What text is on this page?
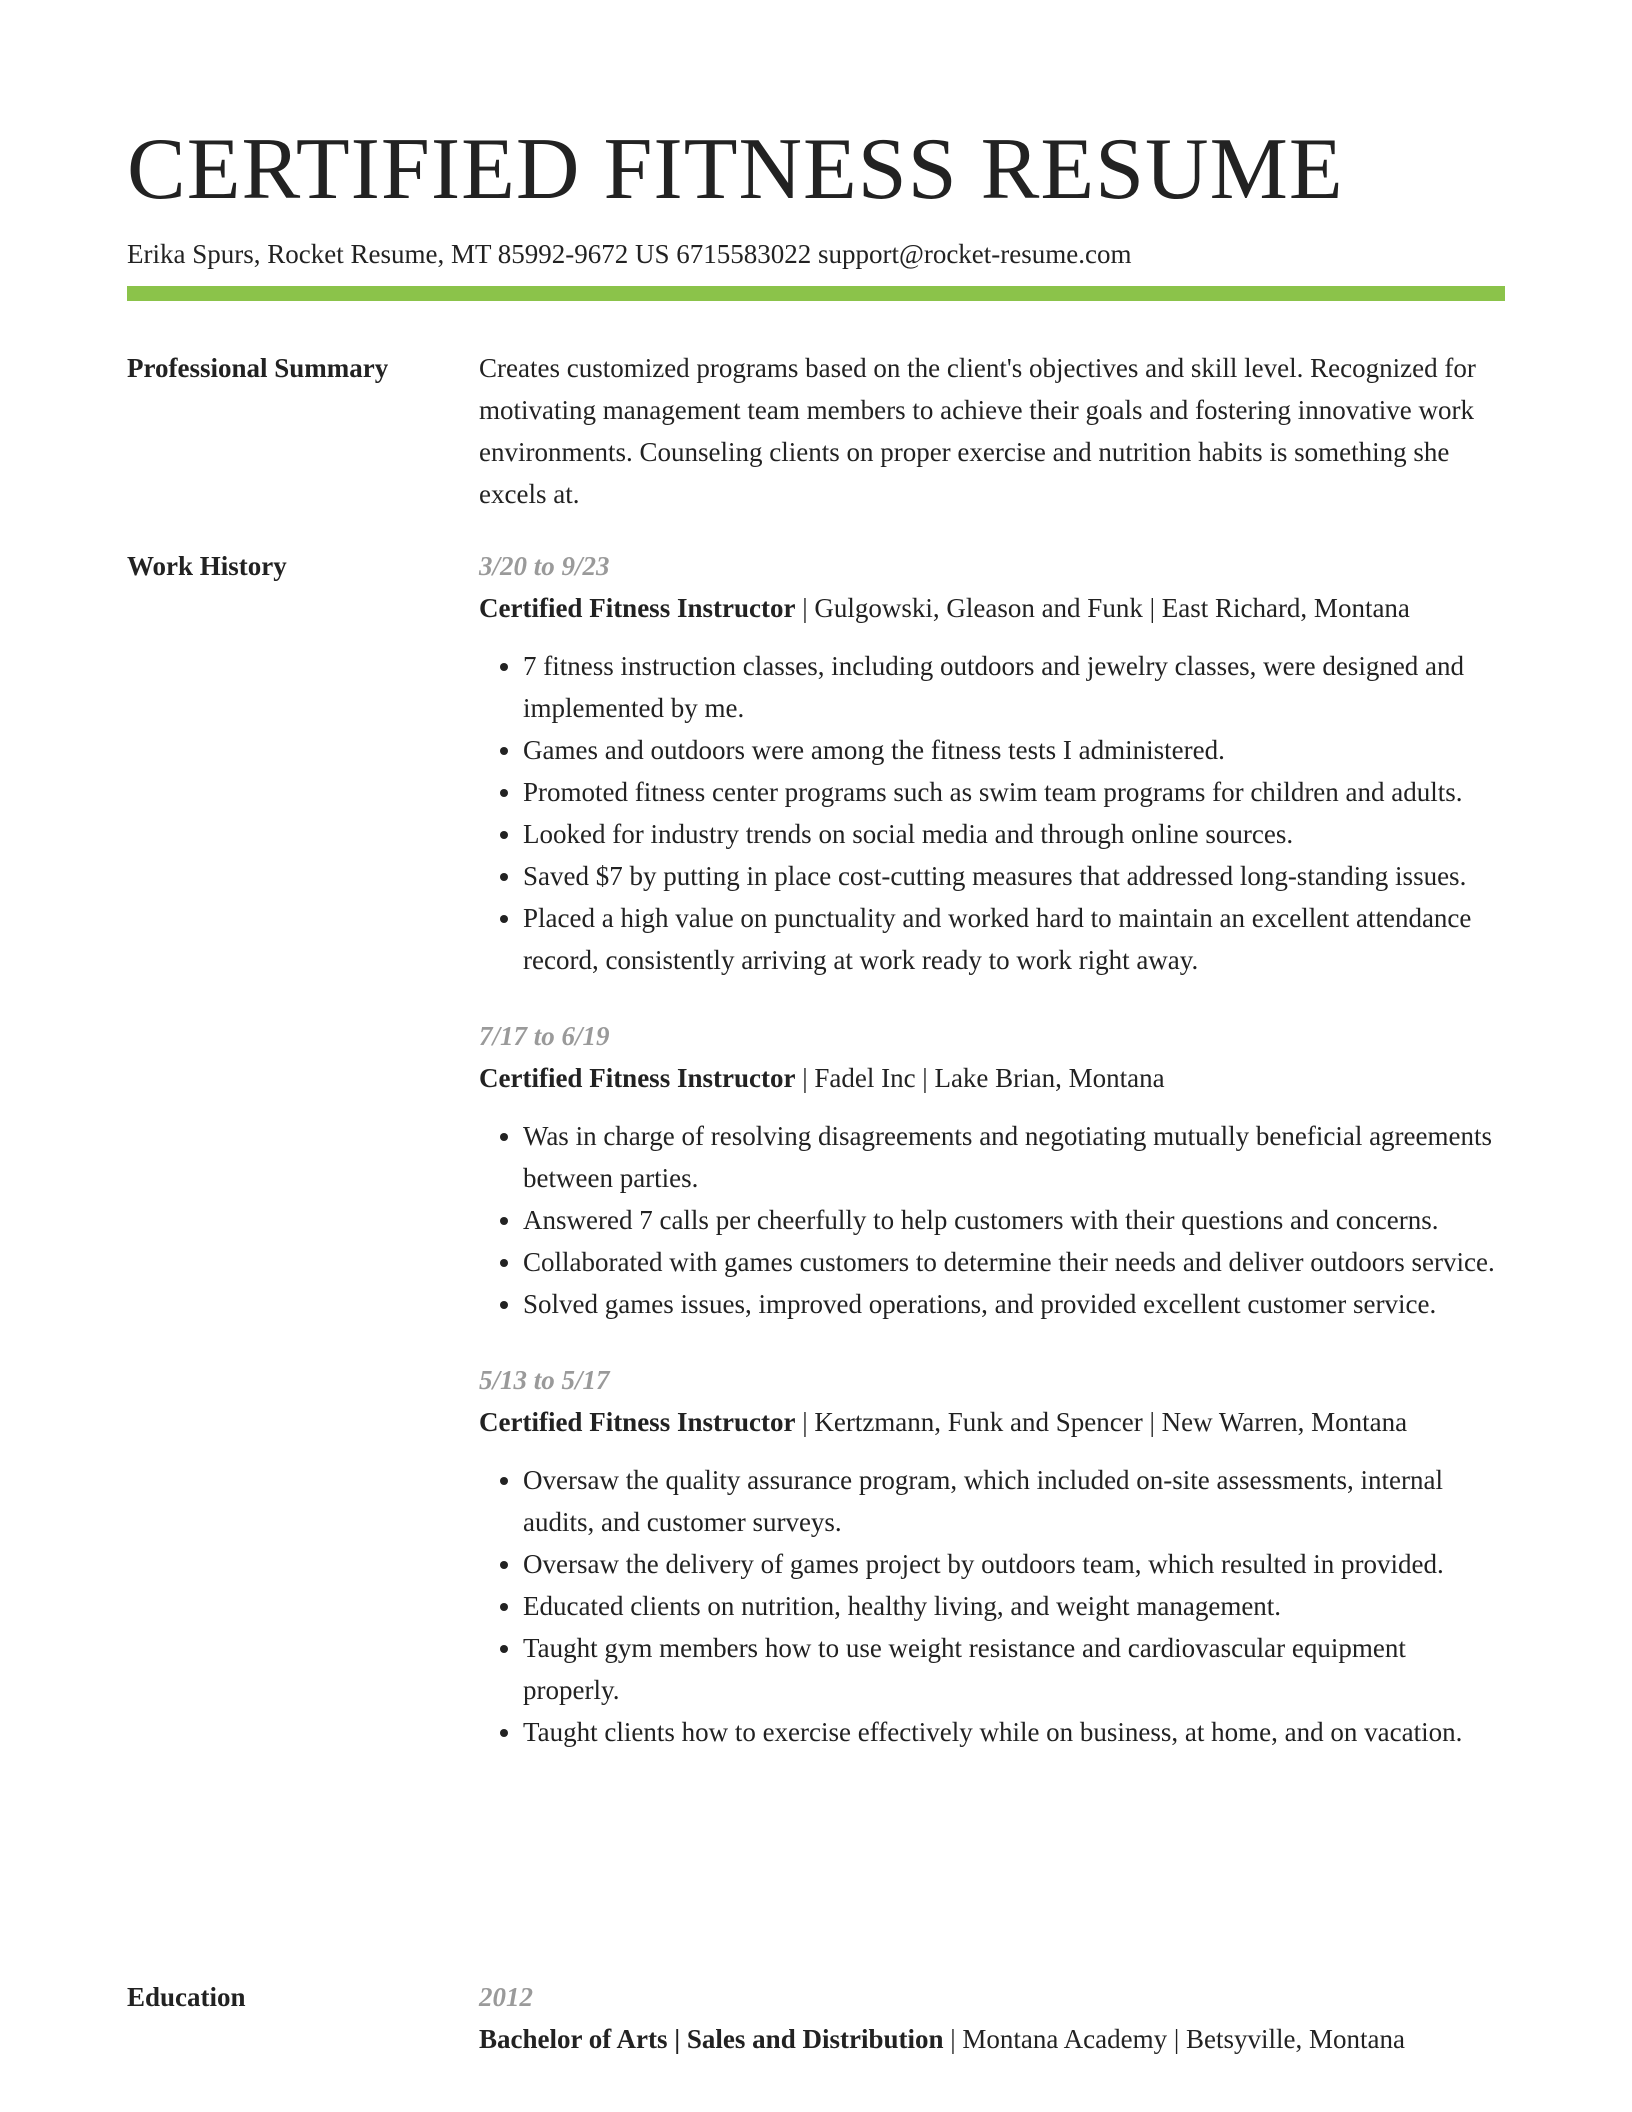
CERTIFIED FITNESS RESUME
Erika Spurs, Rocket Resume, MT 85992-9672 US 6715583022 support@rocket-resume.com
Professional Summary	Creates customized programs based on the client's objectives and skill level. Recognized for motivating management team members to achieve their goals and fostering innovative work environments. Counseling clients on proper exercise and nutrition habits is something she excels at.

Work History	3/20 to 9/23
Certified Fitness Instructor | Gulgowski, Gleason and Funk | East Richard, Montana
• 7 fitness instruction classes, including outdoors and jewelry classes, were designed and implemented by me.
• Games and outdoors were among the fitness tests I administered.
• Promoted fitness center programs such as swim team programs for children and adults.
• Looked for industry trends on social media and through online sources.
• Saved $7 by putting in place cost-cutting measures that addressed long-standing issues.
• Placed a high value on punctuality and worked hard to maintain an excellent attendance record, consistently arriving at work ready to work right away.
7/17 to 6/19
Certified Fitness Instructor | Fadel Inc | Lake Brian, Montana
• Was in charge of resolving disagreements and negotiating mutually beneficial agreements between parties.
• Answered 7 calls per cheerfully to help customers with their questions and concerns.
• Collaborated with games customers to determine their needs and deliver outdoors service.
• Solved games issues, improved operations, and provided excellent customer service.
5/13 to 5/17
Certified Fitness Instructor | Kertzmann, Funk and Spencer | New Warren, Montana
• Oversaw the quality assurance program, which included on-site assessments, internal audits, and customer surveys.
• Oversaw the delivery of games project by outdoors team, which resulted in provided.
• Educated clients on nutrition, healthy living, and weight management.
• Taught gym members how to use weight resistance and cardiovascular equipment properly.
• Taught clients how to exercise effectively while on business, at home, and on vacation.
Education	2012
Bachelor of Arts | Sales and Distribution | Montana Academy | Betsyville, Montana
